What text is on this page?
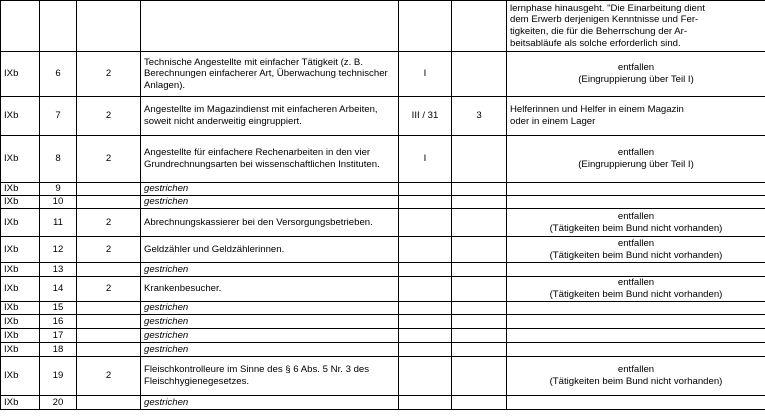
						lernphase hinausgeht. "Die Einarbeitung dient
dem Erwerb derjenigen Kenntnisse und Fer-
tigkeiten, die für die Beherrschung der Ar-
beitsabläufe als solche erforderlich sind.

IXb	6	2	Technische Angestellte mit einfacher Tätigkeit (z. B. Berechnungen einfacherer Art, Überwachung technischer Anlagen).	I		entfallen
(Eingruppierung über Teil I)

IXb	7	2	Angestellte im Magazindienst mit einfacheren Arbeiten, soweit nicht anderweitig eingruppiert.	III / 31	3	Helferinnen und Helfer in einem Magazin
oder in einem Lager

IXb	8	2	Angestellte für einfachere Rechenarbeiten in den vier Grundrechnungsarten bei wissenschaftlichen Instituten.	I		entfallen
(Eingruppierung über Teil I)

IXb	9		gestrichen			
IXb	10		gestrichen			
IXb	11	2	Abrechnungskassierer bei den Versorgungsbetrieben.			entfallen
(Tätigkeiten beim Bund nicht vorhanden)

IXb	12	2	Geldzähler und Geldzählerinnen.			entfallen
(Tätigkeiten beim Bund nicht vorhanden)

IXb	13		gestrichen			
IXb	14	2	Krankenbesucher.			entfallen
(Tätigkeiten beim Bund nicht vorhanden)

IXb	15		gestrichen			
IXb	16		gestrichen			
IXb	17		gestrichen			
IXb	18		gestrichen			
IXb	19	2	Fleischkontrolleure im Sinne des § 6 Abs. 5 Nr. 3 des Fleischhygienegesetzes.			entfallen
(Tätigkeiten beim Bund nicht vorhanden)

IXb	20		gestrichen			
